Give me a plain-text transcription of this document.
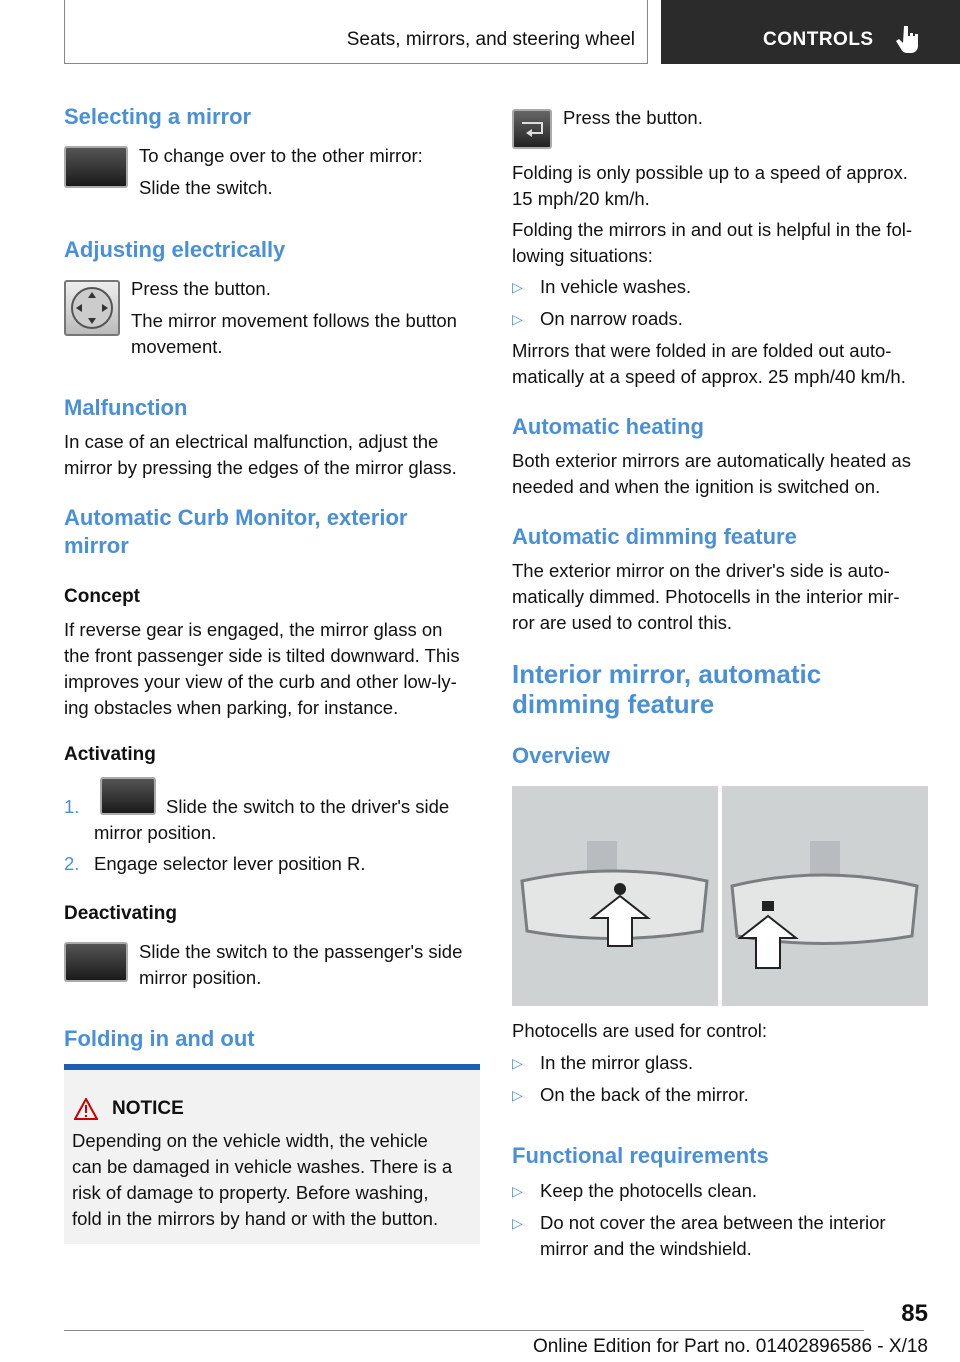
Seats, mirrors, and steering wheel	CONTROLS
Selecting a mirror
To change over to the other mirror:
Slide the switch.
Adjusting electrically
Press the button.
The mirror movement follows the button
movement.
Malfunction
In case of an electrical malfunction, adjust the
mirror by pressing the edges of the mirror glass.
Automatic Curb Monitor, exterior
mirror
Concept
If reverse gear is engaged, the mirror glass on
the front passenger side is tilted downward. This
improves your view of the curb and other low-ly‐
ing obstacles when parking, for instance.
Activating
1.	Slide the switch to the driver's side
mirror position.
2. Engage selector lever position R.
Deactivating
Slide the switch to the passenger's side
mirror position.
Folding in and out
NOTICE
Depending on the vehicle width, the vehicle
can be damaged in vehicle washes. There is a
risk of damage to property. Before washing,
fold in the mirrors by hand or with the button.
Press the button.
Folding is only possible up to a speed of approx.
15 mph/20 km/h.
Folding the mirrors in and out is helpful in the fol‐
lowing situations:
▷ In vehicle washes.
▷ On narrow roads.
Mirrors that were folded in are folded out auto‐
matically at a speed of approx. 25 mph/40 km/h.
Automatic heating
Both exterior mirrors are automatically heated as
needed and when the ignition is switched on.
Automatic dimming feature
The exterior mirror on the driver's side is auto‐
matically dimmed. Photocells in the interior mir‐
ror are used to control this.
Interior mirror, automatic
dimming feature
Overview
Photocells are used for control:
▷ In the mirror glass.
▷ On the back of the mirror.
Functional requirements
▷ Keep the photocells clean.
▷ Do not cover the area between the interior
mirror and the windshield.
85
Online Edition for Part no. 01402896586 - X/18
